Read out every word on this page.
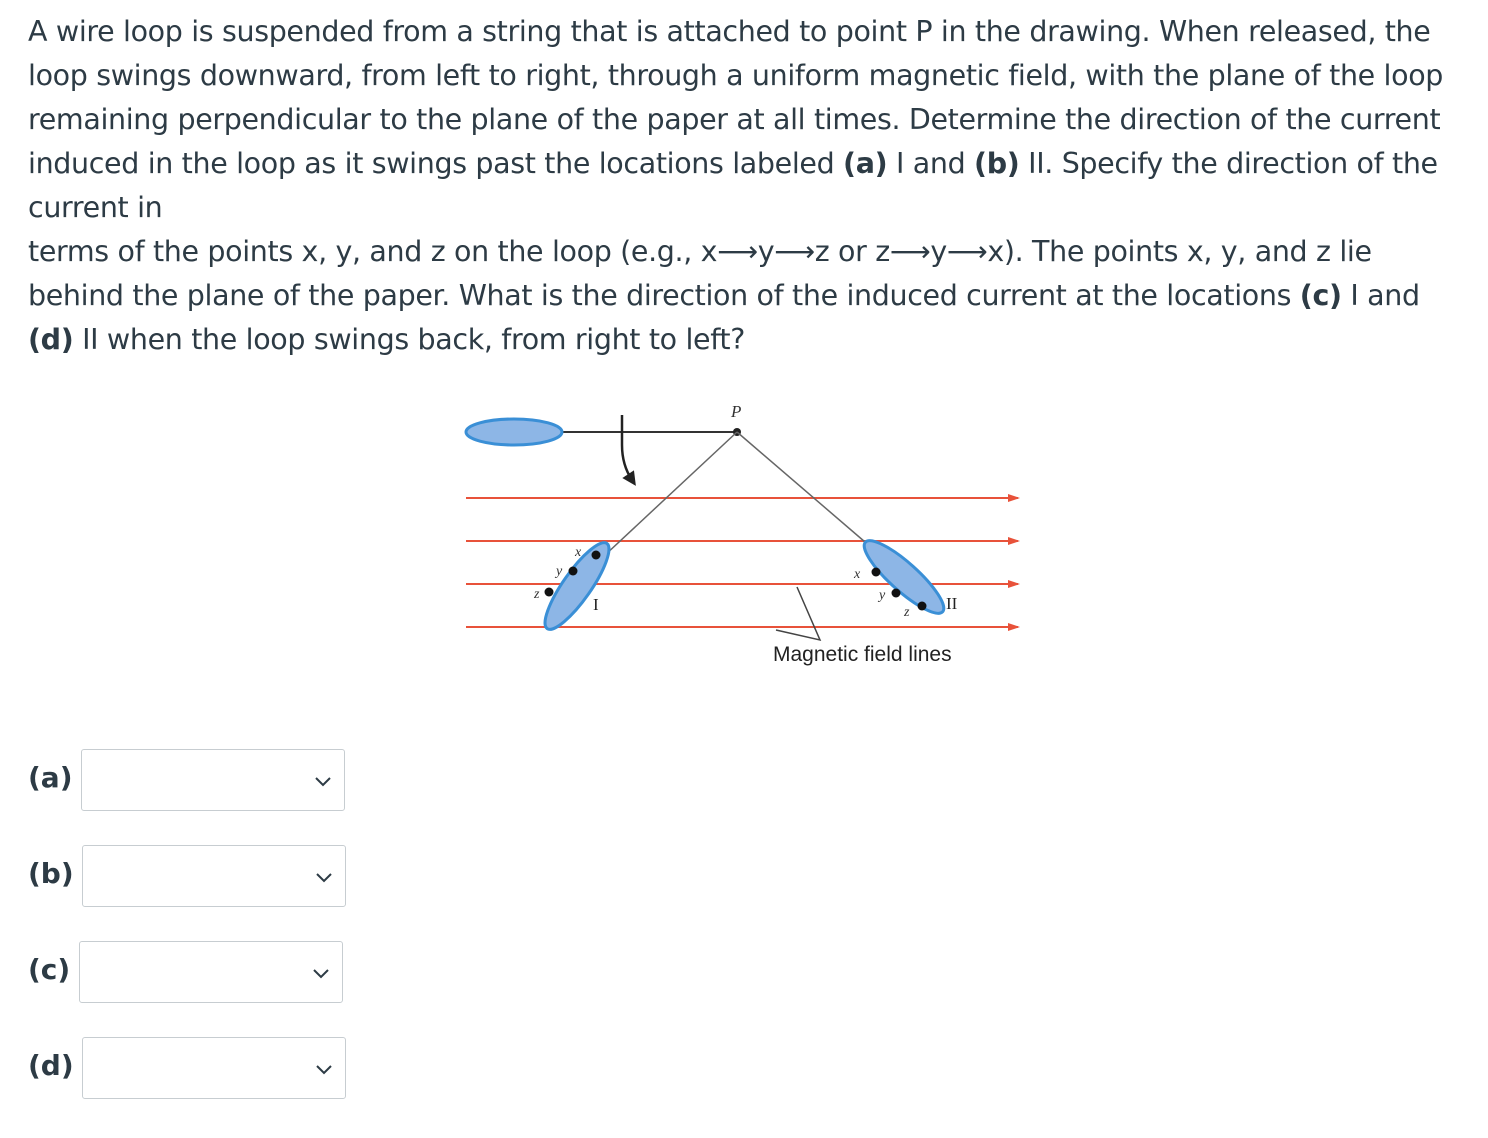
A wire loop is suspended from a string that is attached to point P in the drawing. When released, the loop swings downward, from left to right, through a uniform magnetic field, with the plane of the loop remaining perpendicular to the plane of the paper at all times. Determine the direction of the current induced in the loop as it swings past the locations labeled (a) I and (b) II. Specify the direction of the current in

terms of the points x, y, and z on the loop (e.g., x⟶y⟶z or z⟶y⟶x). The points x, y, and z lie behind the plane of the paper. What is the direction of the induced current at the locations (c) I and (d) II when the loop swings back, from right to left?

P
x
y
z
I
x
y
z II
Magnetic field lines
(a)
(b)
(c)
(d)
